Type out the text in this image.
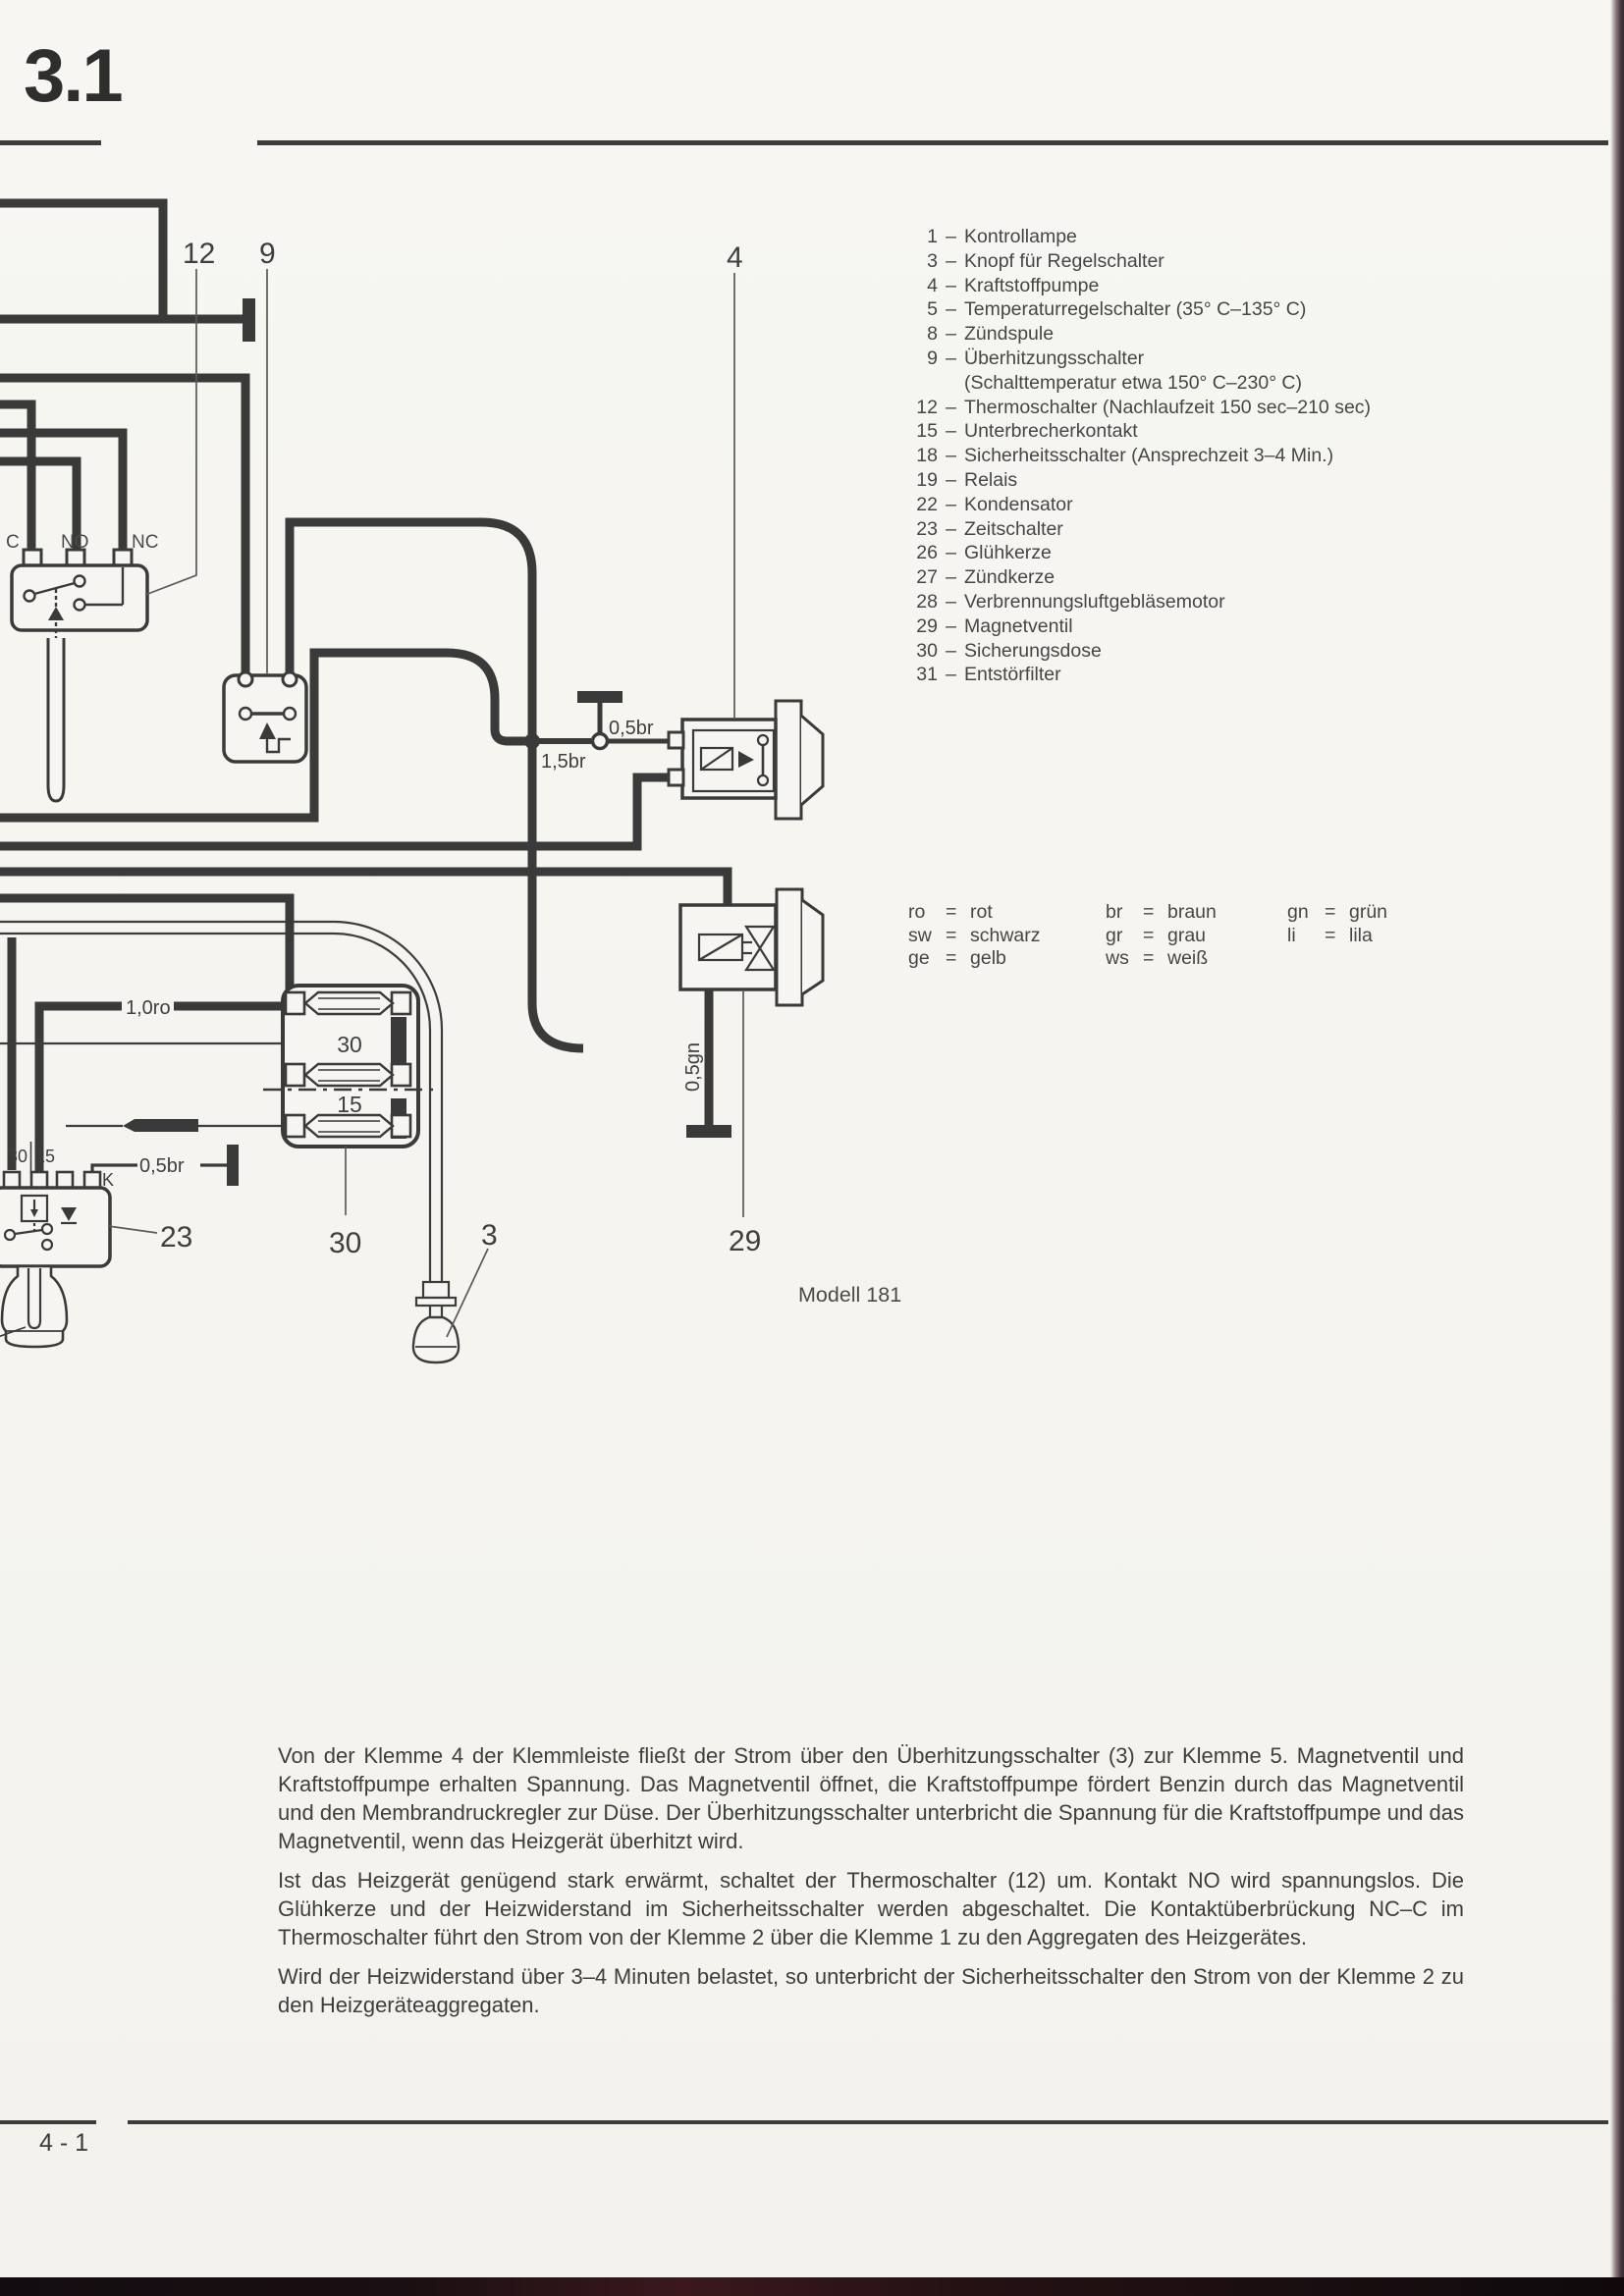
3.1
12 9	4
23	30	3	29
C NO NC
30 15
K
30
15
0,5br
1,5br
1,0ro
0,5br
0,5gn
1 – Kontrollampe
3 – Knopf für Regelschalter
4 – Kraftstoffpumpe
5 – Temperaturregelschalter (35° C–135° C)
8 – Zündspule
9 – Überhitzungsschalter
(Schalttemperatur etwa 150° C–230° C)
12 – Thermoschalter (Nachlaufzeit 150 sec–210 sec)
15 – Unterbrecherkontakt
18 – Sicherheitsschalter (Ansprechzeit 3–4 Min.)
19 – Relais
22 – Kondensator
23 – Zeitschalter
26 – Glühkerze
27 – Zündkerze
28 – Verbrennungsluftgebläsemotor
29 – Magnetventil
30 – Sicherungsdose
31 – Entstörfilter
ro	= rot
sw = schwarz
ge = gelb
br	= braun
gr	= grau
ws = weiß
gn = grün
li	= lila
Modell 181

Von der Klemme 4 der Klemmleiste fließt der Strom über den Überhitzungsschalter (3) zur Klemme 5. Magnetventil und Kraftstoffpumpe erhalten Spannung. Das Magnetventil öffnet, die Kraftstoffpumpe fördert Benzin durch das Magnetventil und den Membrandruckregler zur Düse. Der Überhitzungsschalter unterbricht die Spannung für die Kraftstoffpumpe und das Magnetventil, wenn das Heizgerät überhitzt wird.

Ist das Heizgerät genügend stark erwärmt, schaltet der Thermoschalter (12) um. Kontakt NO wird spannungslos. Die Glühkerze und der Heizwiderstand im Sicherheitsschalter werden abgeschaltet. Die Kontaktüberbrückung NC–C im Thermoschalter führt den Strom von der Klemme 2 über die Klemme 1 zu den Aggregaten des Heizgerätes.

Wird der Heizwiderstand über 3–4 Minuten belastet, so unterbricht der Sicherheitsschalter den Strom von der Klemme 2 zu den Heizgeräteaggregaten.

4 - 1
